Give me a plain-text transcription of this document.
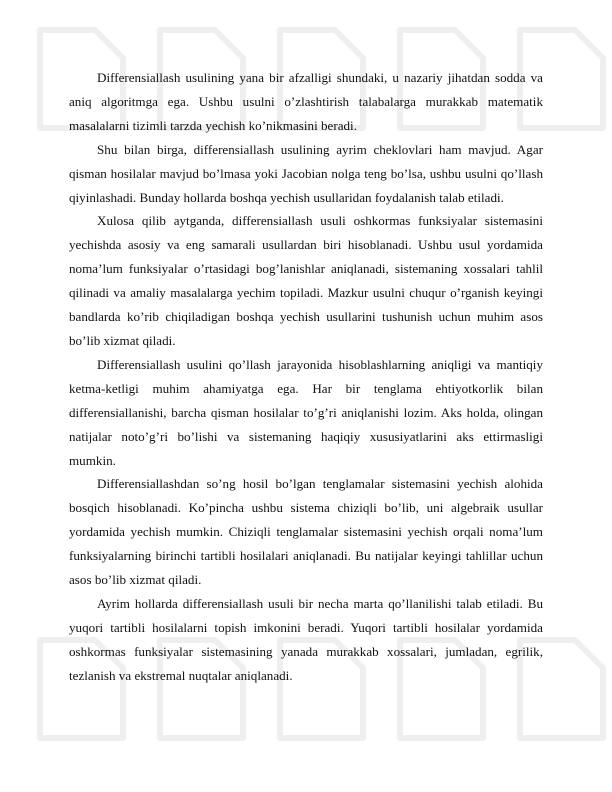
Differensiallash usulining yana bir afzalligi shundaki, u nazariy jihatdan sodda va aniq algoritmga ega. Ushbu usulni o’zlashtirish talabalarga murakkab matematik masalalarni tizimli tarzda yechish ko’nikmasini beradi.

Shu bilan birga, differensiallash usulining ayrim cheklovlari ham mavjud. Agar qisman hosilalar mavjud bo’lmasa yoki Jacobian nolga teng bo’lsa, ushbu usulni qo’llash qiyinlashadi. Bunday hollarda boshqa yechish usullaridan foydalanish talab etiladi.

Xulosa qilib aytganda, differensiallash usuli oshkormas funksiyalar sistemasini yechishda asosiy va eng samarali usullardan biri hisoblanadi. Ushbu usul yordamida noma’lum funksiyalar o’rtasidagi bog’lanishlar aniqlanadi, sistemaning xossalari tahlil qilinadi va amaliy masalalarga yechim topiladi. Mazkur usulni chuqur o’rganish keyingi bandlarda ko’rib chiqiladigan boshqa yechish usullarini tushunish uchun muhim asos bo’lib xizmat qiladi.

Differensiallash usulini qo’llash jarayonida hisoblashlarning aniqligi va mantiqiy ketma-ketligi muhim ahamiyatga ega. Har bir tenglama ehtiyotkorlik bilan differensiallanishi, barcha qisman hosilalar to’g’ri aniqlanishi lozim. Aks holda, olingan natijalar noto’g’ri bo’lishi va sistemaning haqiqiy xususiyatlarini aks ettirmasligi mumkin.

Differensiallashdan so’ng hosil bo’lgan tenglamalar sistemasini yechish alohida bosqich hisoblanadi. Ko’pincha ushbu sistema chiziqli bo’lib, uni algebraik usullar yordamida yechish mumkin. Chiziqli tenglamalar sistemasini yechish orqali noma’lum funksiyalarning birinchi tartibli hosilalari aniqlanadi. Bu natijalar keyingi tahlillar uchun asos bo’lib xizmat qiladi.

Ayrim hollarda differensiallash usuli bir necha marta qo’llanilishi talab etiladi. Bu yuqori tartibli hosilalarni topish imkonini beradi. Yuqori tartibli hosilalar yordamida oshkormas funksiyalar sistemasining yanada murakkab xossalari, jumladan, egrilik, tezlanish va ekstremal nuqtalar aniqlanadi.
